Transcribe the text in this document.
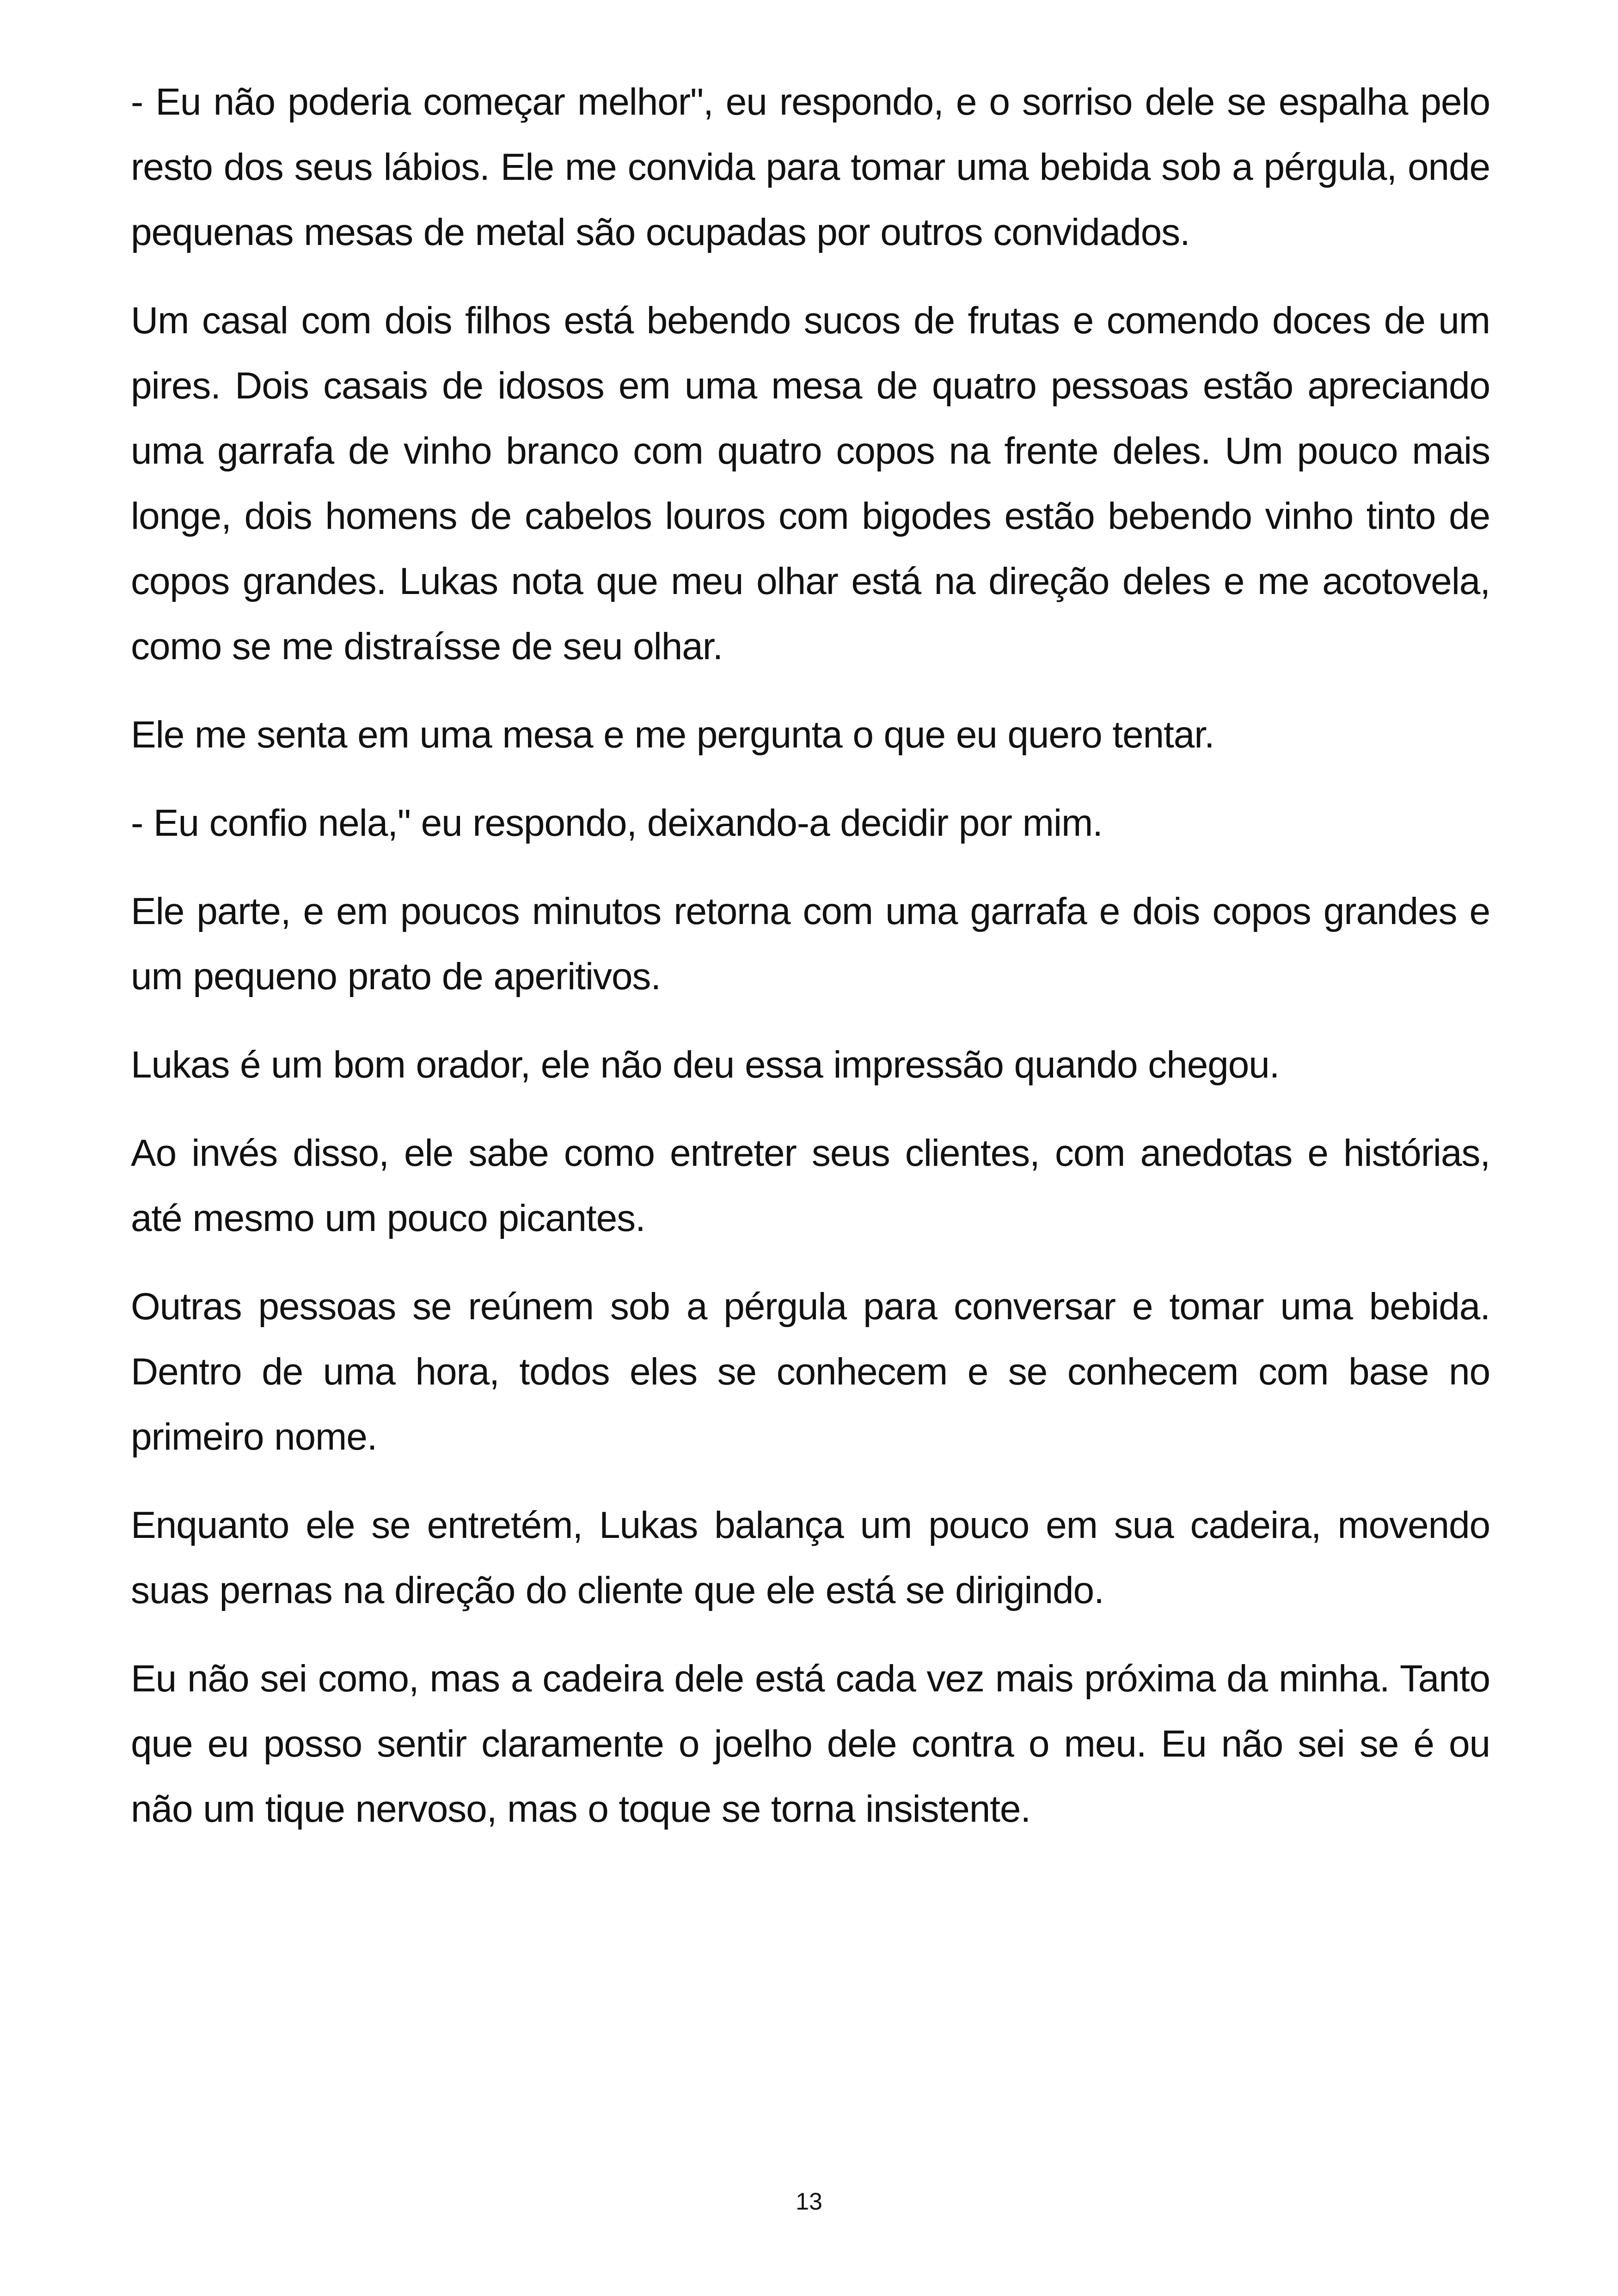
- Eu não poderia começar melhor", eu respondo, e o sorriso dele se espalha pelo resto dos seus lábios. Ele me convida para tomar uma bebida sob a pérgula, onde pequenas mesas de metal são ocupadas por outros convidados.

Um casal com dois filhos está bebendo sucos de frutas e comendo doces de um pires. Dois casais de idosos em uma mesa de quatro pessoas estão apreciando uma garrafa de vinho branco com quatro copos na frente deles. Um pouco mais longe, dois homens de cabelos louros com bigodes estão bebendo vinho tinto de copos grandes. Lukas nota que meu olhar está na direção deles e me acotovela, como se me distraísse de seu olhar.

Ele me senta em uma mesa e me pergunta o que eu quero tentar.

- Eu confio nela," eu respondo, deixando-a decidir por mim.

Ele parte, e em poucos minutos retorna com uma garrafa e dois copos grandes e um pequeno prato de aperitivos.

Lukas é um bom orador, ele não deu essa impressão quando chegou.

Ao invés disso, ele sabe como entreter seus clientes, com anedotas e histórias, até mesmo um pouco picantes.

Outras pessoas se reúnem sob a pérgula para conversar e tomar uma bebida. Dentro de uma hora, todos eles se conhecem e se conhecem com base no primeiro nome.

Enquanto ele se entretém, Lukas balança um pouco em sua cadeira, movendo suas pernas na direção do cliente que ele está se dirigindo.

Eu não sei como, mas a cadeira dele está cada vez mais próxima da minha. Tanto que eu posso sentir claramente o joelho dele contra o meu. Eu não sei se é ou não um tique nervoso, mas o toque se torna insistente.

13
